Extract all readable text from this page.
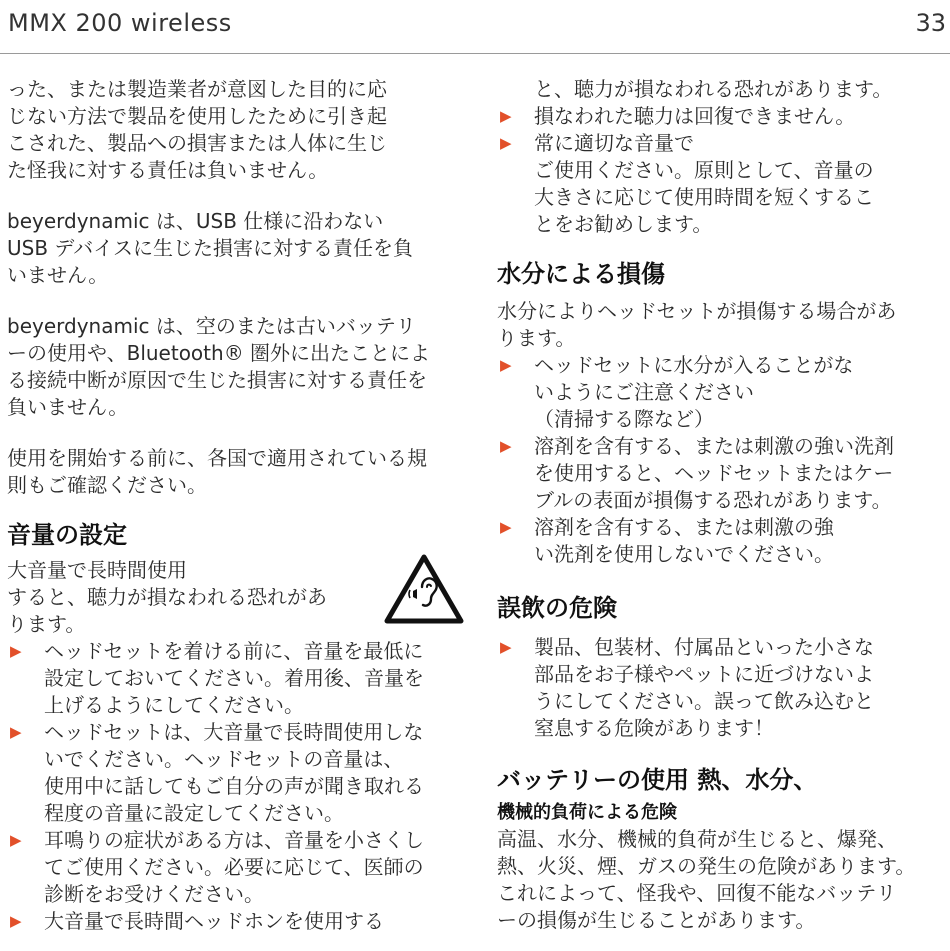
MMX 200 wireless	33

った、または製造業者が意図した目的に応
じない方法で製品を使用したために引き起
こされた、製品への損害または人体に生じ
た怪我に対する責任は負いません。

beyerdynamic は、USB 仕様に沿わない
USB デバイスに生じた損害に対する責任を負
いません。

beyerdynamic は、空のまたは古いバッテリ
ーの使用や、Bluetooth® 圏外に出たことによ
る接続中断が原因で生じた損害に対する責任を
負いません。

使用を開始する前に、各国で適用されている規
則もご確認ください。

音量の設定

大音量で長時間使用
すると、聴力が損なわれる恐れがあ
ります。

▶	ヘッドセットを着ける前に、音量を最低に
設定しておいてください。着用後、音量を
上げるようにしてください。
▶	ヘッドセットは、大音量で長時間使用しな
いでください。ヘッドセットの音量は、
使用中に話してもご自分の声が聞き取れる
程度の音量に設定してください。
▶	耳鳴りの症状がある方は、音量を小さくし
てご使用ください。必要に応じて、医師の
診断をお受けください。
▶	大音量で長時間ヘッドホンを使用する

と、聴力が損なわれる恐れがあります。

▶	損なわれた聴力は回復できません。
▶	常に適切な音量で
ご使用ください。原則として、音量の
大きさに応じて使用時間を短くするこ
とをお勧めします。
水分による損傷

水分によりヘッドセットが損傷する場合があ
ります。

▶	ヘッドセットに水分が入ることがな
いようにご注意ください
（清掃する際など）
▶	溶剤を含有する、または刺激の強い洗剤
を使用すると、ヘッドセットまたはケー
ブルの表面が損傷する恐れがあります。
▶	溶剤を含有する、または刺激の強
い洗剤を使用しないでください。
誤飲の危険
▶	製品、包装材、付属品といった小さな
部品をお子様やペットに近づけないよ
うにしてください。誤って飲み込むと
窒息する危険があります！
バッテリーの使用 熱、水分、
機械的負荷による危険

高温、水分、機械的負荷が生じると、爆発、
熱、火災、煙、ガスの発生の危険があります。
これによって、怪我や、回復不能なバッテリ
ーの損傷が生じることがあります。
